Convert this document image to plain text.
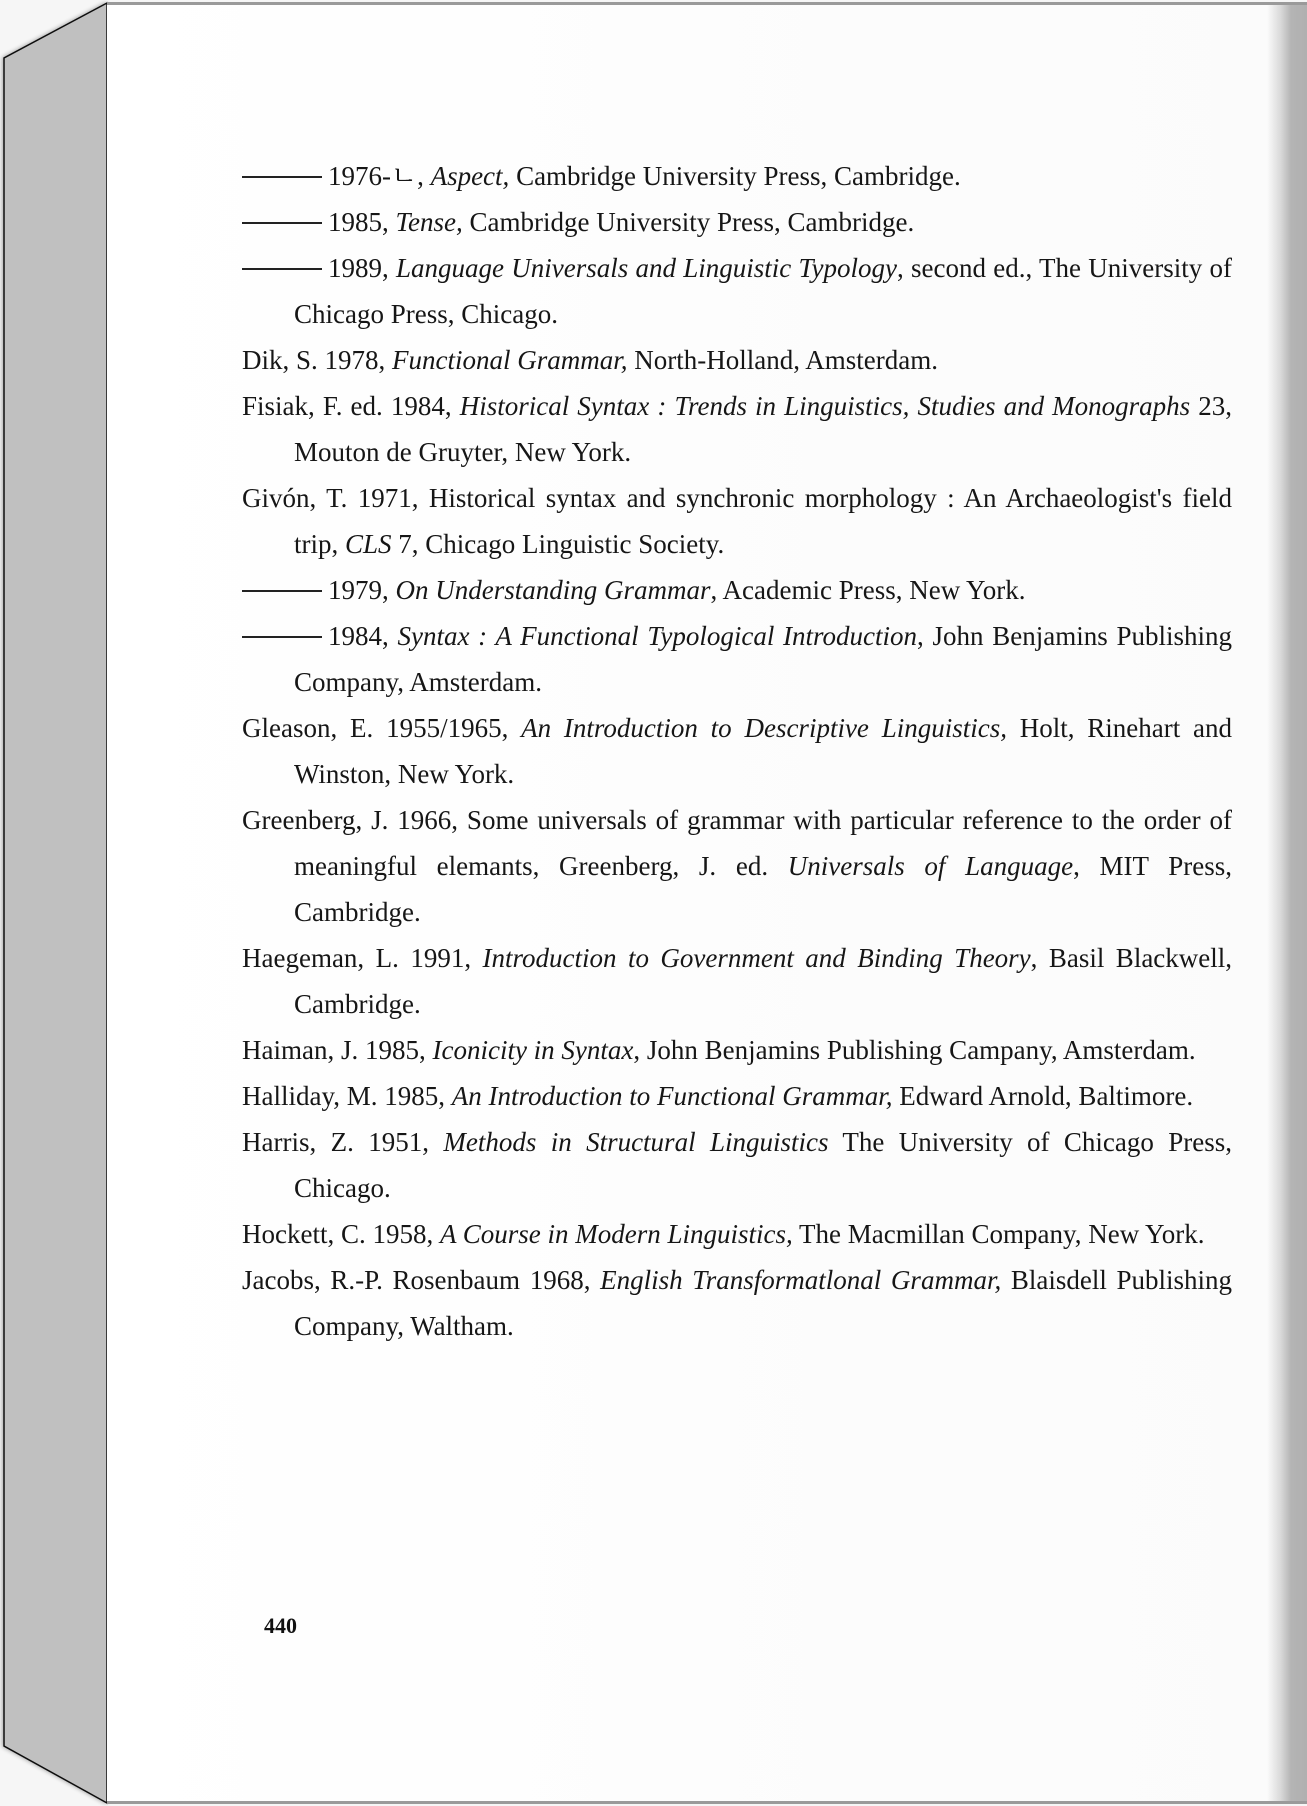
1976-ㄴ, Aspect, Cambridge University Press, Cambridge.

1985, Tense, Cambridge University Press, Cambridge.

1989, Language Universals and Linguistic Typology, second ed., The University of Chicago Press, Chicago.

Dik, S. 1978, Functional Grammar, North-Holland, Amsterdam.

Fisiak, F. ed. 1984, Historical Syntax : Trends in Linguistics, Studies and Monographs 23, Mouton de Gruyter, New York.

Givón, T. 1971, Historical syntax and synchronic morphology : An Archaeologist's field trip, CLS 7, Chicago Linguistic Society.

1979, On Understanding Grammar, Academic Press, New York.

1984, Syntax : A Functional Typological Introduction, John Benjamins Publishing Company, Amsterdam.

Gleason, E. 1955/1965, An Introduction to Descriptive Linguistics, Holt, Rinehart and Winston, New York.

Greenberg, J. 1966, Some universals of grammar with particular reference to the order of meaningful elemants, Greenberg, J. ed. Universals of Language, MIT Press, Cambridge.

Haegeman, L. 1991, Introduction to Government and Binding Theory, Basil Blackwell, Cambridge.

Haiman, J. 1985, Iconicity in Syntax, John Benjamins Publishing Campany, Amsterdam.

Halliday, M. 1985, An Introduction to Functional Grammar, Edward Arnold, Baltimore.

Harris, Z. 1951, Methods in Structural Linguistics The University of Chicago Press, Chicago.

Hockett, C. 1958, A Course in Modern Linguistics, The Macmillan Company, New York.

Jacobs, R.-P. Rosenbaum 1968, English Transformatlonal Grammar, Blaisdell Publishing Company, Waltham.

440
